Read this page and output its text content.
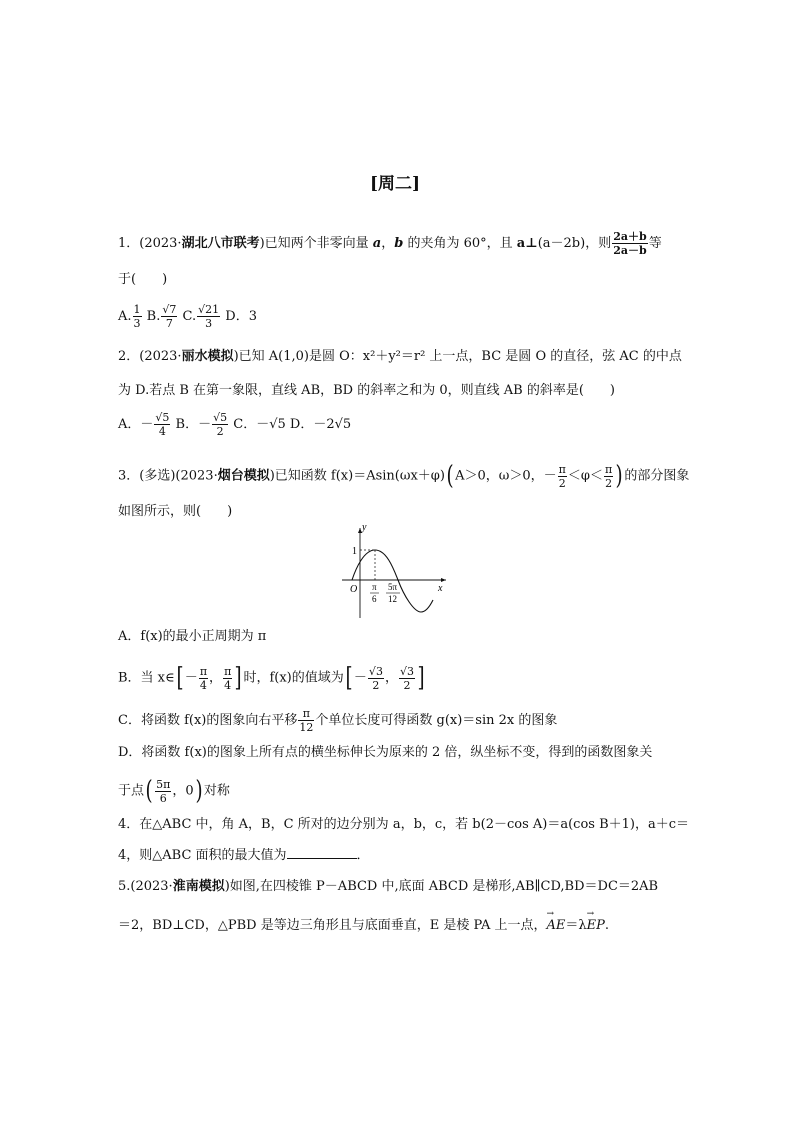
[周二]
1．(2023·湖北八市联考)已知两个非零向量 a，b 的夹角为 60°，且 a⊥(a－2b)，则 $\frac{2a+b}{2a-b}$ 等
于(　　)
A. $\frac{1}{3} B$. $\frac{√7}{7} C$. $\frac{√21}{3}$ D．3
2．(2023·丽水模拟)已知 A(1,0)是圆 O：x²＋y²＝r² 上一点，BC 是圆 O 的直径，弦 AC 的中点
为 D.若点 B 在第一象限，直线 AB，BD 的斜率之和为 0，则直线 AB 的斜率是(　　)
A．－ $\frac{√5}{4}$ B．－ $\frac{√5}{2}$ C．－√5 D．－2√5
3．(多选)(2023·烟台模拟)已知函数 f(x)＝Asin(ωx＋φ)( A＞0，ω＞0，－ $\frac{\pi}{2} <\varphi< \frac{\pi}{2}$ ) 的部分图象
如图所示，则(　　)
y
x
O
1
π
6
5π
12
A．f(x)的最小正周期为 π
B．当 x∈[ － $\frac{\pi}{4}$ ， $\frac{\pi}{4}$ ] 时，f(x)的值域为[ － $\frac{√3}{2}$ ， $\frac{√3}{2}$ ]
C．将函数 f(x)的图象向右平移 $\frac{\pi}{12}$ 个单位长度可得函数 g(x)＝sin 2x 的图象
D．将函数 f(x)的图象上所有点的横坐标伸长为原来的 2 倍，纵坐标不变，得到的函数图象关
于点( $\frac{5\pi}{6}$ ，0) 对称
4．在△ABC 中，角 A，B，C 所对的边分别为 a，b，c，若 b(2－cos A)＝a(cos B＋1)，a＋c＝
4，则△ABC 面积的最大值为	．
5.(2023·淮南模拟)如图,在四棱锥 P－ABCD 中,底面 ABCD 是梯形,AB∥CD,BD＝DC＝2AB
＝2，BD⊥CD，△PBD 是等边三角形且与底面垂直，E 是棱 PA 上一点，→ AE＝λ→ EP.
